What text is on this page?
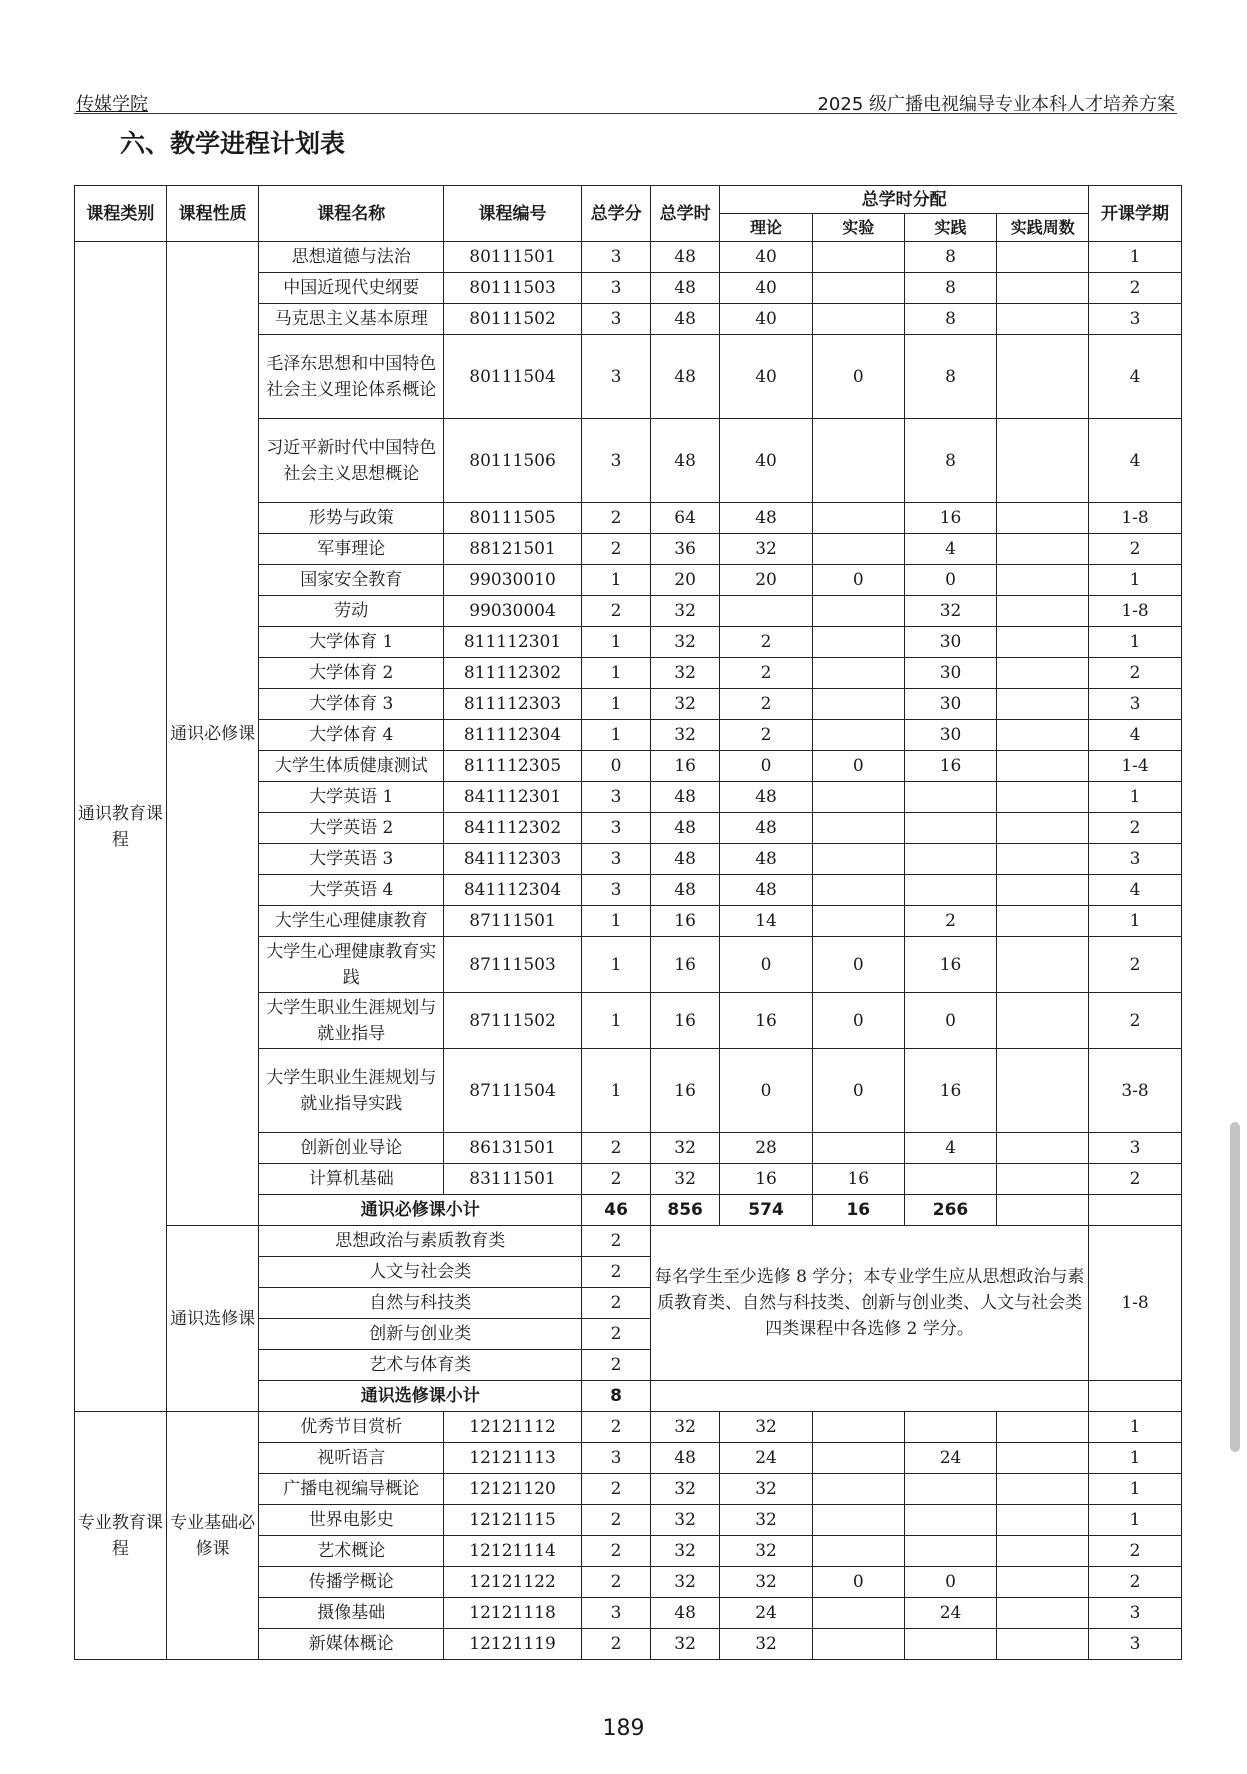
传媒学院	2025 级广播电视编导专业本科人才培养方案
六、教学进程计划表
课程类别	课程性质	课程名称	课程编号	总学分	总学时	总学时分配				开课学期
						理论	实验	实践	实践周数	
通识教育课程	通识必修课	思想道德与法治	80111501	3	48	40		8		1
		中国近现代史纲要	80111503	3	48	40		8		2
		马克思主义基本原理	80111502	3	48	40		8		3
		毛泽东思想和中国特色社会主义理论体系概论	80111504	3	48	40	0	8		4
		习近平新时代中国特色社会主义思想概论	80111506	3	48	40		8		4
		形势与政策	80111505	2	64	48		16		1-8
		军事理论	88121501	2	36	32		4		2
		国家安全教育	99030010	1	20	20	0	0		1
		劳动	99030004	2	32			32		1-8
		大学体育 1	811112301	1	32	2		30		1
		大学体育 2	811112302	1	32	2		30		2
		大学体育 3	811112303	1	32	2		30		3
		大学体育 4	811112304	1	32	2		30		4
		大学生体质健康测试	811112305	0	16	0	0	16		1-4
		大学英语 1	841112301	3	48	48				1
		大学英语 2	841112302	3	48	48				2
		大学英语 3	841112303	3	48	48				3
		大学英语 4	841112304	3	48	48				4
		大学生心理健康教育	87111501	1	16	14		2		1
		大学生心理健康教育实践	87111503	1	16	0	0	16		2
		大学生职业生涯规划与就业指导	87111502	1	16	16	0	0		2
		大学生职业生涯规划与就业指导实践	87111504	1	16	0	0	16		3-8
		创新创业导论	86131501	2	32	28		4		3
		计算机基础	83111501	2	32	16	16			2
		通识必修课小计		46	856	574	16	266		
	通识选修课	思想政治与素质教育类		2	每名学生至少选修 8 学分；本专业学生应从思想政治与素质教育类、自然与科技类、创新与创业类、人文与社会类四类课程中各选修 2 学分。					1-8
		人文与社会类		2						
		自然与科技类		2						
		创新与创业类		2						
		艺术与体育类		2						
		通识选修课小计		8						
专业教育课程	专业基础必修课	优秀节目赏析	12121112	2	32	32				1
		视听语言	12121113	3	48	24		24		1
		广播电视编导概论	12121120	2	32	32				1
		世界电影史	12121115	2	32	32				1
		艺术概论	12121114	2	32	32				2
		传播学概论	12121122	2	32	32	0	0		2
		摄像基础	12121118	3	48	24		24		3
		新媒体概论	12121119	2	32	32				3
189
